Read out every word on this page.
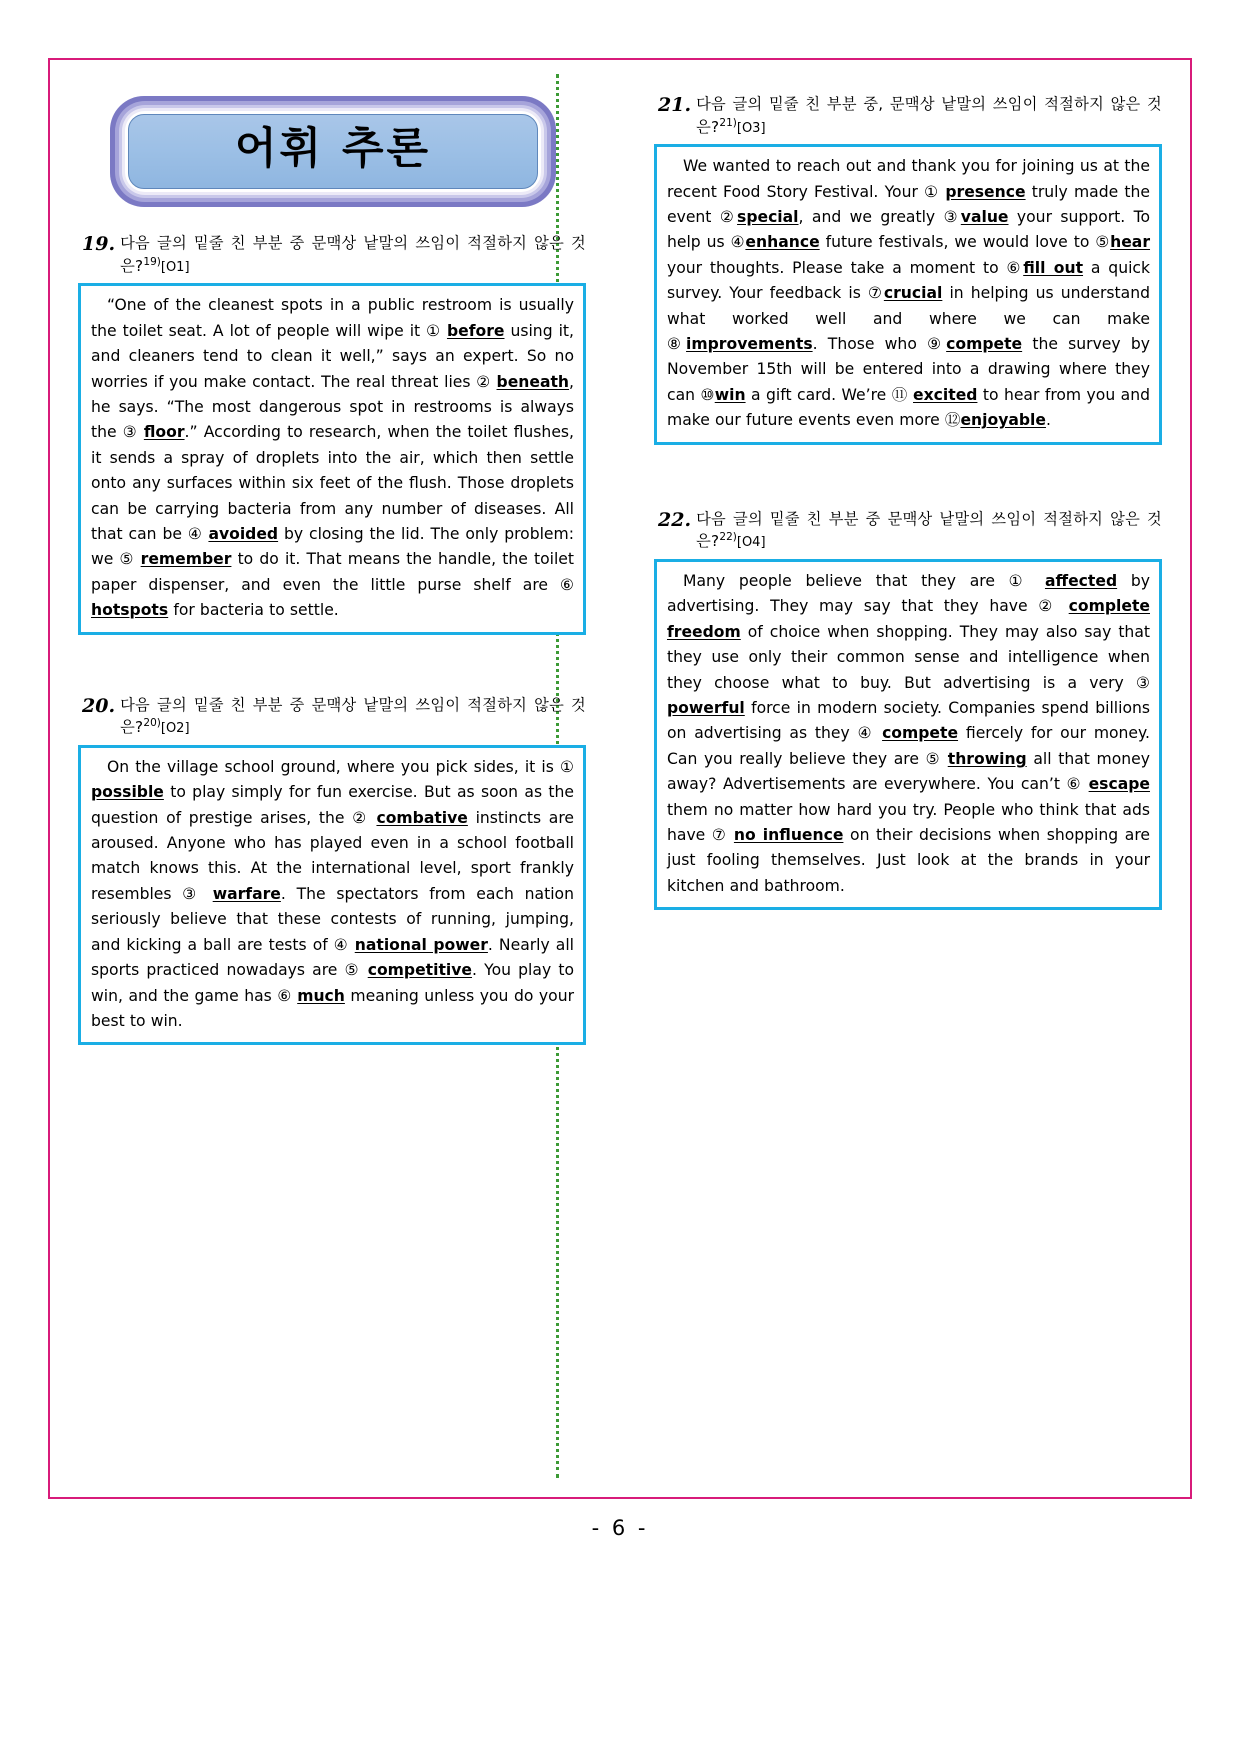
어휘 추론
19. 다음 글의 밑줄 친 부분 중 문맥상 낱말의 쓰임이 적절하지 않은 것은?$^{19)}$[O1]

“One of the cleanest spots in a public restroom is usually the toilet seat. A lot of people will wipe it ① before using it, and cleaners tend to clean it well,” says an expert. So no worries if you make contact. The real threat lies ② beneath, he says. “The most dangerous spot in restrooms is always the ③ floor.” According to research, when the toilet flushes, it sends a spray of droplets into the air, which then settle onto any surfaces within six feet of the flush. Those droplets can be carrying bacteria from any number of diseases. All that can be ④ avoided by closing the lid. The only problem: we ⑤ remember to do it. That means the handle, the toilet paper dispenser, and even the little purse shelf are ⑥ hotspots for bacteria to settle.

20. 다음 글의 밑줄 친 부분 중 문맥상 낱말의 쓰임이 적절하지 않은 것은?$^{20)}$[O2]

On the village school ground, where you pick sides, it is ① possible to play simply for fun exercise. But as soon as the question of prestige arises, the ② combative instincts are aroused. Anyone who has played even in a school football match knows this. At the international level, sport frankly resembles ③ warfare. The spectators from each nation seriously believe that these contests of running, jumping, and kicking a ball are tests of ④ national power. Nearly all sports practiced nowadays are ⑤ competitive. You play to win, and the game has ⑥ much meaning unless you do your best to win.

21. 다음 글의 밑줄 친 부분 중, 문맥상 낱말의 쓰임이 적절하지 않은 것은?$^{21)}$[O3]

We wanted to reach out and thank you for joining us at the recent Food Story Festival. Your ① presence truly made the event ②special, and we greatly ③value your support. To help us ④enhance future festivals, we would love to ⑤hear your thoughts. Please take a moment to ⑥fill out a quick survey. Your feedback is ⑦crucial in helping us understand what worked well and where we can make ⑧improvements. Those who ⑨compete the survey by November 15th will be entered into a drawing where they can ⑩win a gift card. We’re ⑪ excited to hear from you and make our future events even more ⑫enjoyable.

22. 다음 글의 밑줄 친 부분 중 문맥상 낱말의 쓰임이 적절하지 않은 것은?$^{22)}$[O4]

Many people believe that they are ① affected by advertising. They may say that they have ② complete freedom of choice when shopping. They may also say that they use only their common sense and intelligence when they choose what to buy. But advertising is a very ③ powerful force in modern society. Companies spend billions on advertising as they ④ compete fiercely for our money. Can you really believe they are ⑤ throwing all that money away? Advertisements are everywhere. You can’t ⑥ escape them no matter how hard you try. People who think that ads have ⑦ no influence on their decisions when shopping are just fooling themselves. Just look at the brands in your kitchen and bathroom.

- 6 -
